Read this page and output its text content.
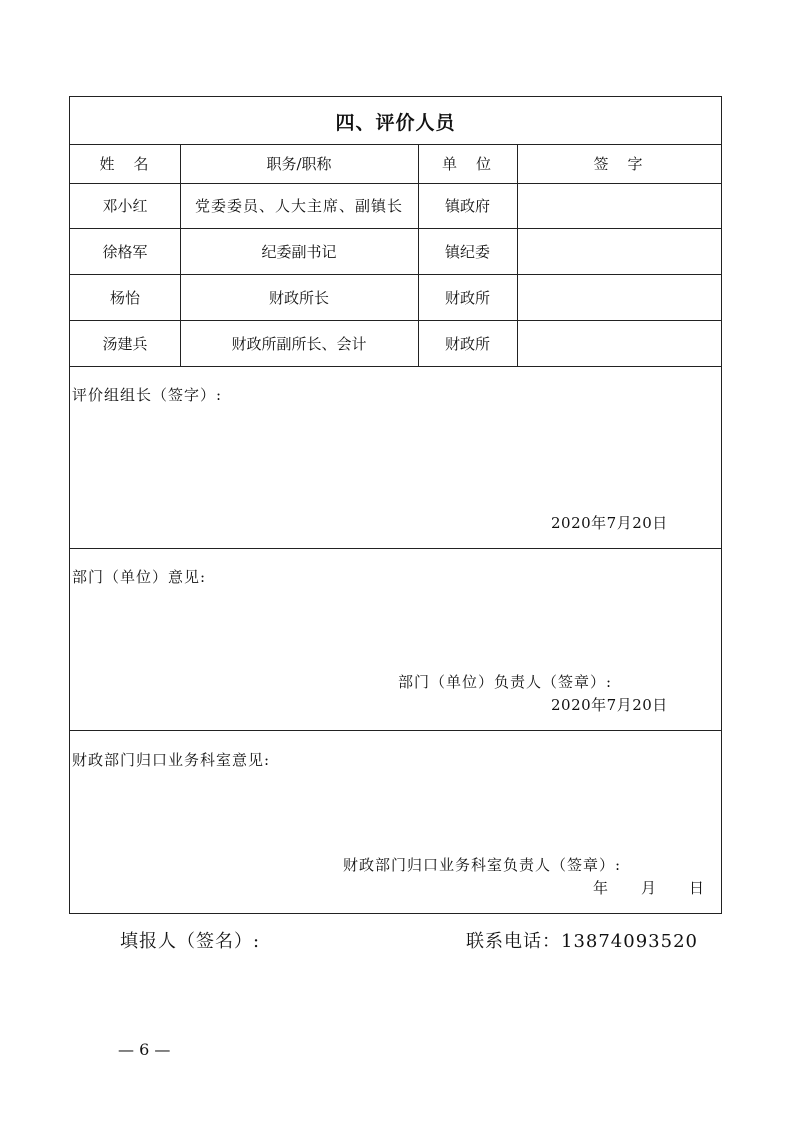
四、评价人员
姓　名	职务/职称	单　位	签　字
邓小红	党委委员、人大主席、副镇长	镇政府
徐格军	纪委副书记	镇纪委
杨怡	财政所长	财政所
汤建兵	财政所副所长、会计	财政所
评价组组长（签字）:
2020年7月20日
部门（单位）意见:
部门（单位）负责人（签章）:
2020年7月20日
财政部门归口业务科室意见:
财政部门归口业务科室负责人（签章）:
年　　月　　日
填报人（签名）:	联系电话：13874093520
— 6 —
